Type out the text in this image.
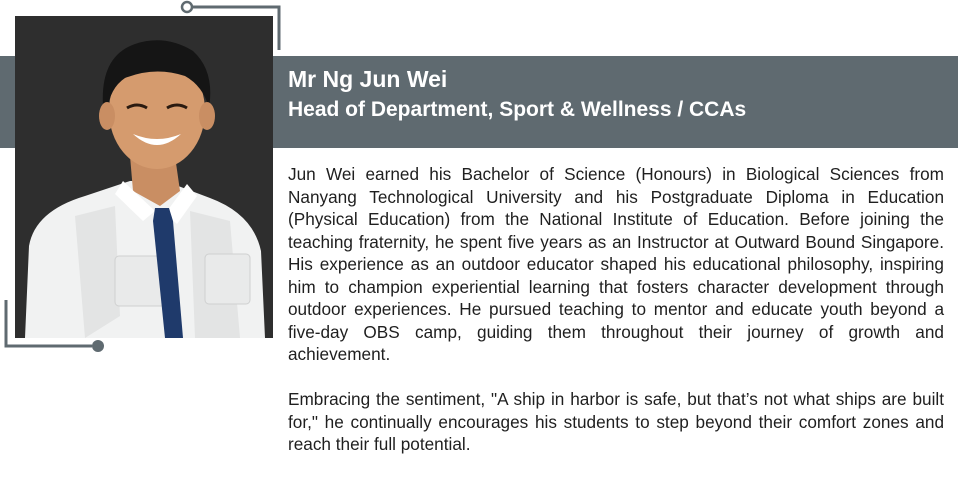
Mr Ng Jun Wei
Head of Department, Sport & Wellness / CCAs

Jun Wei earned his Bachelor of Science (Honours) in Biological Sciences from Nanyang Technological University and his Postgraduate Diploma in Education (Physical Education) from the National Institute of Education. Before joining the teaching fraternity, he spent five years as an Instructor at Outward Bound Singapore. His experience as an outdoor educator shaped his educational philosophy, inspiring him to champion experiential learning that fosters character development through outdoor experiences. He pursued teaching to mentor and educate youth beyond a five-day OBS camp, guiding them throughout their journey of growth and achievement.

Embracing the sentiment, "A ship in harbor is safe, but that’s not what ships are built for," he continually encourages his students to step beyond their comfort zones and reach their full potential.
